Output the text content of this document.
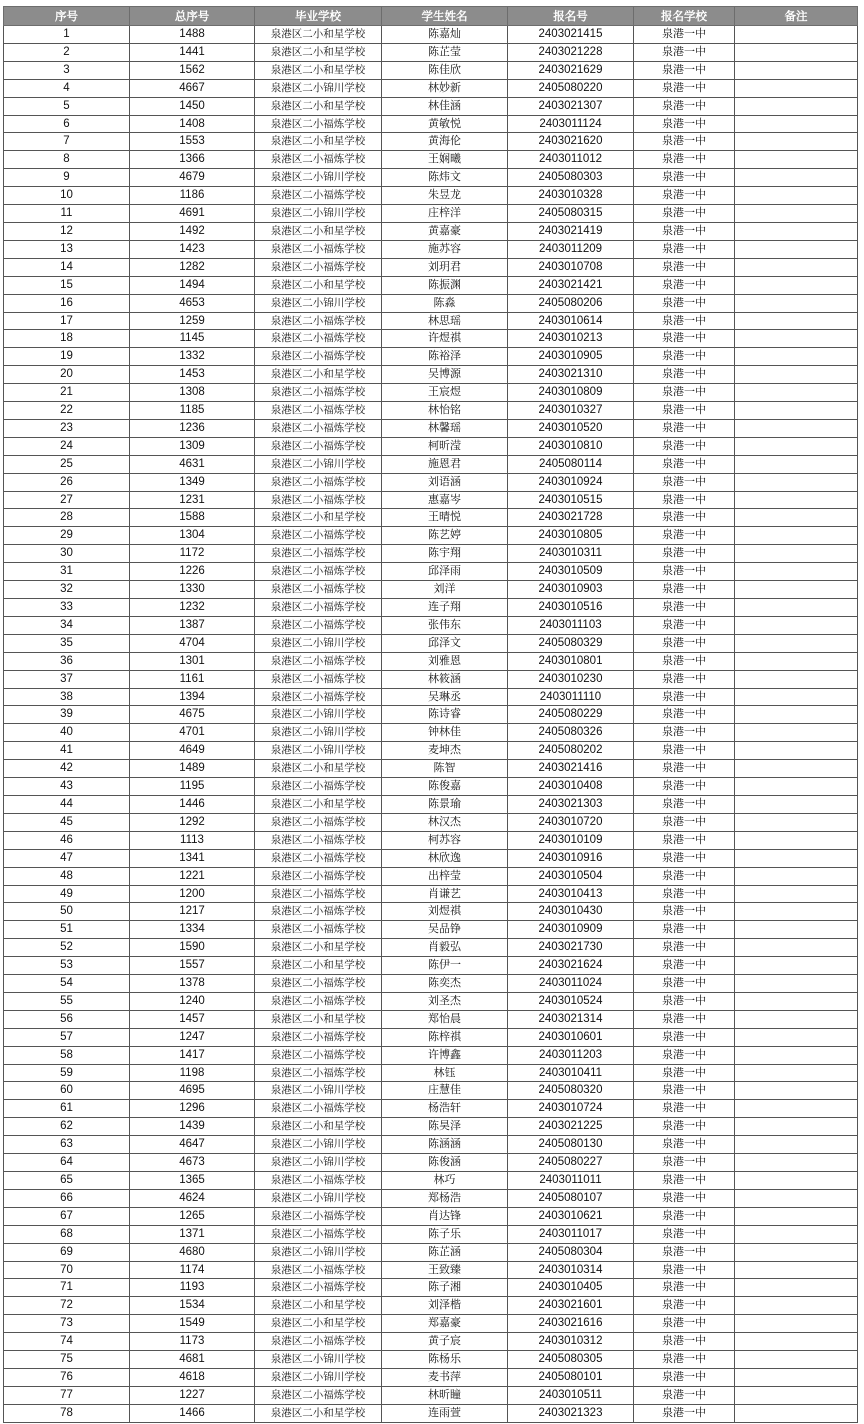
序号	总序号	毕业学校	学生姓名	报名号	报名学校	备注
1	1488	泉港区二小和星学校	陈嘉灿	2403021415	泉港一中	
2	1441	泉港区二小和星学校	陈芷莹	2403021228	泉港一中	
3	1562	泉港区二小和星学校	陈佳欣	2403021629	泉港一中	
4	4667	泉港区二小锦川学校	林妙新	2405080220	泉港一中	
5	1450	泉港区二小和星学校	林佳涵	2403021307	泉港一中	
6	1408	泉港区二小福炼学校	黄敏悦	2403011124	泉港一中	
7	1553	泉港区二小和星学校	黄海伦	2403021620	泉港一中	
8	1366	泉港区二小福炼学校	王娴曦	2403011012	泉港一中	
9	4679	泉港区二小锦川学校	陈炜文	2405080303	泉港一中	
10	1186	泉港区二小福炼学校	朱昱龙	2403010328	泉港一中	
11	4691	泉港区二小锦川学校	庄梓洋	2405080315	泉港一中	
12	1492	泉港区二小和星学校	黄嘉豪	2403021419	泉港一中	
13	1423	泉港区二小福炼学校	施苏容	2403011209	泉港一中	
14	1282	泉港区二小福炼学校	刘玥君	2403010708	泉港一中	
15	1494	泉港区二小和星学校	陈振渊	2403021421	泉港一中	
16	4653	泉港区二小锦川学校	陈淼	2405080206	泉港一中	
17	1259	泉港区二小福炼学校	林思瑶	2403010614	泉港一中	
18	1145	泉港区二小福炼学校	许煜祺	2403010213	泉港一中	
19	1332	泉港区二小福炼学校	陈裕泽	2403010905	泉港一中	
20	1453	泉港区二小和星学校	吴博源	2403021310	泉港一中	
21	1308	泉港区二小福炼学校	王宸煜	2403010809	泉港一中	
22	1185	泉港区二小福炼学校	林怡铭	2403010327	泉港一中	
23	1236	泉港区二小福炼学校	林馨瑶	2403010520	泉港一中	
24	1309	泉港区二小福炼学校	柯昕滢	2403010810	泉港一中	
25	4631	泉港区二小锦川学校	施恩君	2405080114	泉港一中	
26	1349	泉港区二小福炼学校	刘语涵	2403010924	泉港一中	
27	1231	泉港区二小福炼学校	惠嘉岑	2403010515	泉港一中	
28	1588	泉港区二小和星学校	王晴悦	2403021728	泉港一中	
29	1304	泉港区二小福炼学校	陈艺婷	2403010805	泉港一中	
30	1172	泉港区二小福炼学校	陈宇翔	2403010311	泉港一中	
31	1226	泉港区二小福炼学校	邱泽雨	2403010509	泉港一中	
32	1330	泉港区二小福炼学校	刘洋	2403010903	泉港一中	
33	1232	泉港区二小福炼学校	连子翔	2403010516	泉港一中	
34	1387	泉港区二小福炼学校	张伟东	2403011103	泉港一中	
35	4704	泉港区二小锦川学校	邱泽文	2405080329	泉港一中	
36	1301	泉港区二小福炼学校	刘雅恩	2403010801	泉港一中	
37	1161	泉港区二小福炼学校	林筱涵	2403010230	泉港一中	
38	1394	泉港区二小福炼学校	吴琳丞	2403011110	泉港一中	
39	4675	泉港区二小锦川学校	陈诗睿	2405080229	泉港一中	
40	4701	泉港区二小锦川学校	钟林佳	2405080326	泉港一中	
41	4649	泉港区二小锦川学校	麦坤杰	2405080202	泉港一中	
42	1489	泉港区二小和星学校	陈智	2403021416	泉港一中	
43	1195	泉港区二小福炼学校	陈俊嘉	2403010408	泉港一中	
44	1446	泉港区二小和星学校	陈景瑜	2403021303	泉港一中	
45	1292	泉港区二小福炼学校	林汉杰	2403010720	泉港一中	
46	1113	泉港区二小福炼学校	柯苏容	2403010109	泉港一中	
47	1341	泉港区二小福炼学校	林欣逸	2403010916	泉港一中	
48	1221	泉港区二小福炼学校	出梓莹	2403010504	泉港一中	
49	1200	泉港区二小福炼学校	肖谦艺	2403010413	泉港一中	
50	1217	泉港区二小福炼学校	刘煜祺	2403010430	泉港一中	
51	1334	泉港区二小福炼学校	吴品铮	2403010909	泉港一中	
52	1590	泉港区二小和星学校	肖毅弘	2403021730	泉港一中	
53	1557	泉港区二小和星学校	陈伊一	2403021624	泉港一中	
54	1378	泉港区二小福炼学校	陈奕杰	2403011024	泉港一中	
55	1240	泉港区二小福炼学校	刘圣杰	2403010524	泉港一中	
56	1457	泉港区二小和星学校	郑怡晨	2403021314	泉港一中	
57	1247	泉港区二小福炼学校	陈梓祺	2403010601	泉港一中	
58	1417	泉港区二小福炼学校	许博鑫	2403011203	泉港一中	
59	1198	泉港区二小福炼学校	林钰	2403010411	泉港一中	
60	4695	泉港区二小锦川学校	庄慧佳	2405080320	泉港一中	
61	1296	泉港区二小福炼学校	杨浩轩	2403010724	泉港一中	
62	1439	泉港区二小和星学校	陈昊泽	2403021225	泉港一中	
63	4647	泉港区二小锦川学校	陈涵涵	2405080130	泉港一中	
64	4673	泉港区二小锦川学校	陈俊涵	2405080227	泉港一中	
65	1365	泉港区二小福炼学校	林巧	2403011011	泉港一中	
66	4624	泉港区二小锦川学校	郑杨浩	2405080107	泉港一中	
67	1265	泉港区二小福炼学校	肖达锋	2403010621	泉港一中	
68	1371	泉港区二小福炼学校	陈子乐	2403011017	泉港一中	
69	4680	泉港区二小锦川学校	陈芷涵	2405080304	泉港一中	
70	1174	泉港区二小福炼学校	王致臻	2403010314	泉港一中	
71	1193	泉港区二小福炼学校	陈子湘	2403010405	泉港一中	
72	1534	泉港区二小和星学校	刘泽楷	2403021601	泉港一中	
73	1549	泉港区二小和星学校	郑嘉豪	2403021616	泉港一中	
74	1173	泉港区二小福炼学校	黄子宸	2403010312	泉港一中	
75	4681	泉港区二小锦川学校	陈杨乐	2405080305	泉港一中	
76	4618	泉港区二小锦川学校	麦书萍	2405080101	泉港一中	
77	1227	泉港区二小福炼学校	林昕瞳	2403010511	泉港一中	
78	1466	泉港区二小和星学校	连雨萱	2403021323	泉港一中	
